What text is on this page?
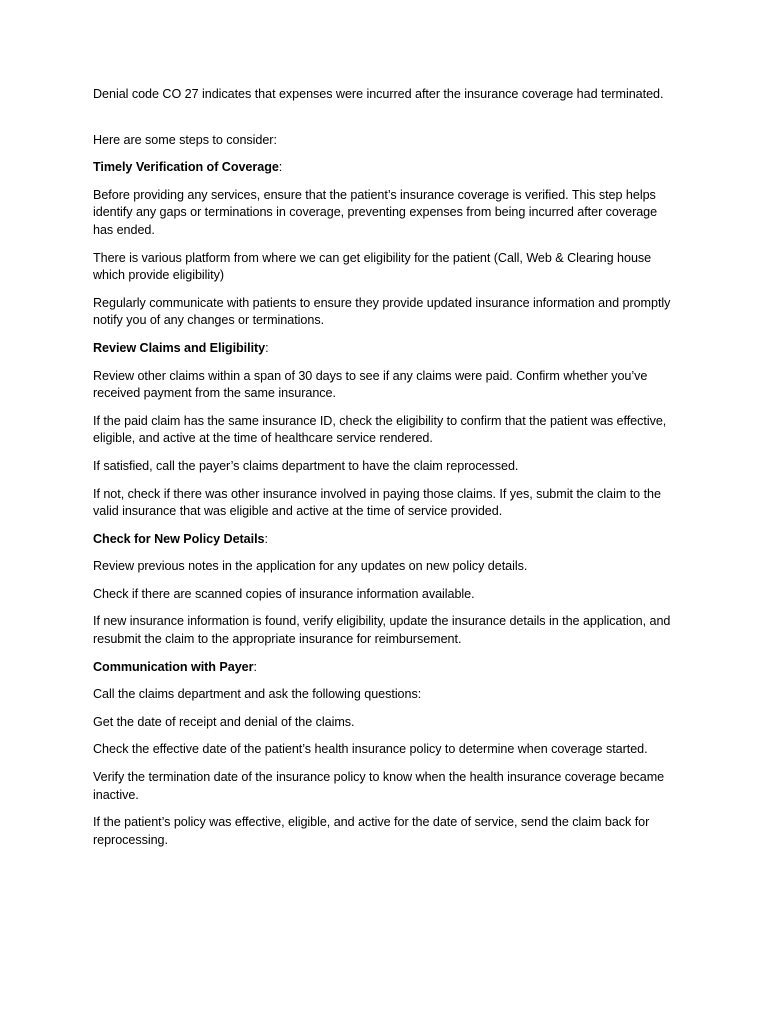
Denial code CO 27 indicates that expenses were incurred after the insurance coverage had terminated.

Here are some steps to consider:

Timely Verification of Coverage:

Before providing any services, ensure that the patient’s insurance coverage is verified. This step helps identify any gaps or terminations in coverage, preventing expenses from being incurred after coverage has ended.

There is various platform from where we can get eligibility for the patient (Call, Web & Clearing house which provide eligibility)

Regularly communicate with patients to ensure they provide updated insurance information and promptly notify you of any changes or terminations.

Review Claims and Eligibility:

Review other claims within a span of 30 days to see if any claims were paid. Confirm whether you’ve received payment from the same insurance.

If the paid claim has the same insurance ID, check the eligibility to confirm that the patient was effective, eligible, and active at the time of healthcare service rendered.

If satisfied, call the payer’s claims department to have the claim reprocessed.

If not, check if there was other insurance involved in paying those claims. If yes, submit the claim to the valid insurance that was eligible and active at the time of service provided.

Check for New Policy Details:

Review previous notes in the application for any updates on new policy details.

Check if there are scanned copies of insurance information available.

If new insurance information is found, verify eligibility, update the insurance details in the application, and resubmit the claim to the appropriate insurance for reimbursement.

Communication with Payer:

Call the claims department and ask the following questions:

Get the date of receipt and denial of the claims.

Check the effective date of the patient’s health insurance policy to determine when coverage started.

Verify the termination date of the insurance policy to know when the health insurance coverage became inactive.

If the patient’s policy was effective, eligible, and active for the date of service, send the claim back for reprocessing.
